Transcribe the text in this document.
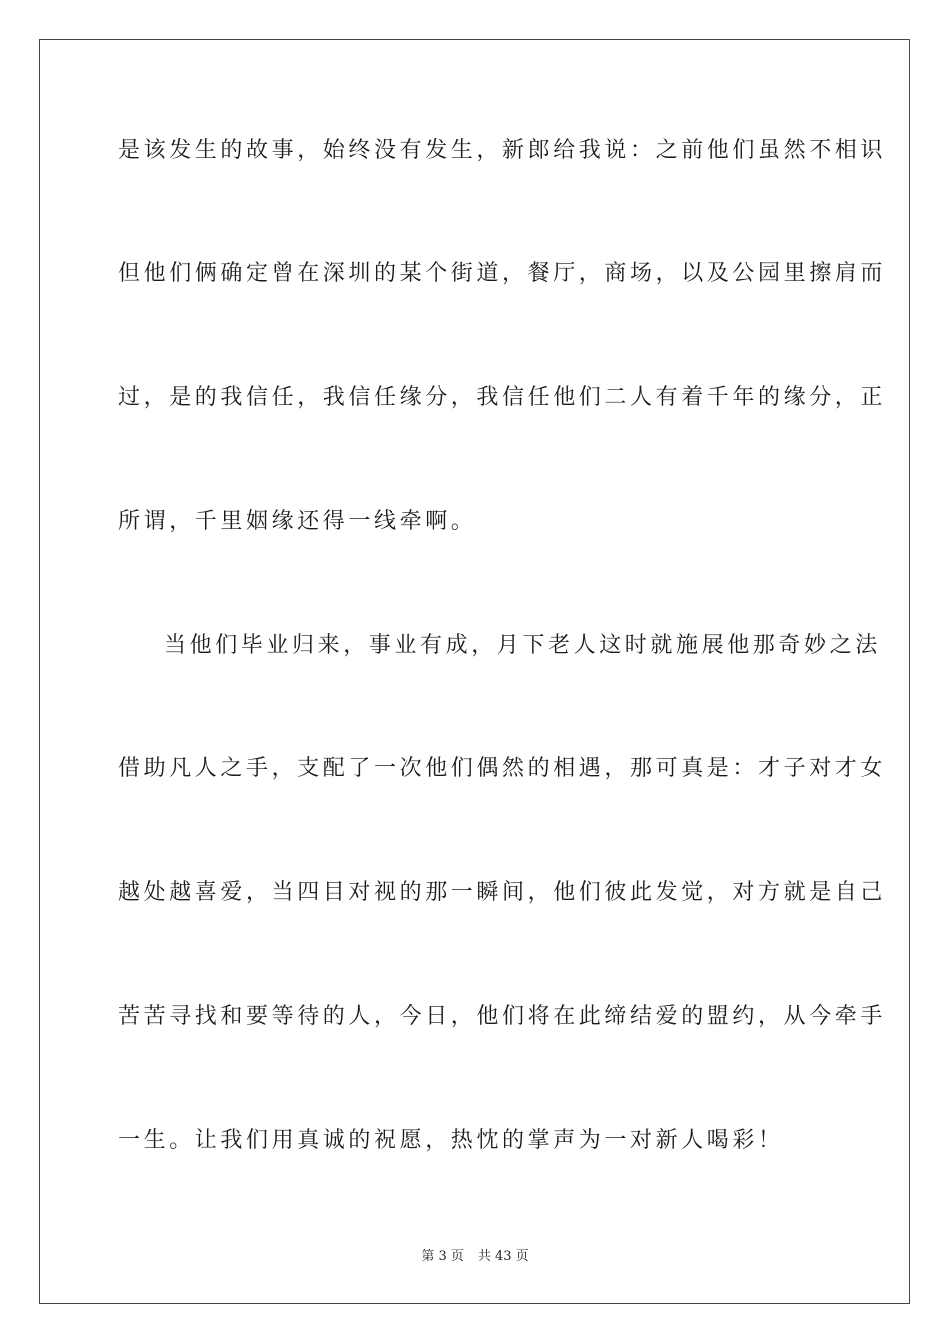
是该发生的故事，始终没有发生，新郎给我说：之前他们虽然不相识
但他们俩确定曾在深圳的某个街道，餐厅，商场，以及公园里擦肩而
过，是的我信任，我信任缘分，我信任他们二人有着千年的缘分，正
所谓，千里姻缘还得一线牵啊。
当他们毕业归来，事业有成，月下老人这时就施展他那奇妙之法
借助凡人之手，支配了一次他们偶然的相遇，那可真是：才子对才女
越处越喜爱，当四目对视的那一瞬间，他们彼此发觉，对方就是自己
苦苦寻找和要等待的人，今日，他们将在此缔结爱的盟约，从今牵手
一生。让我们用真诚的祝愿，热忱的掌声为一对新人喝彩！
第 3 页 共 43 页
